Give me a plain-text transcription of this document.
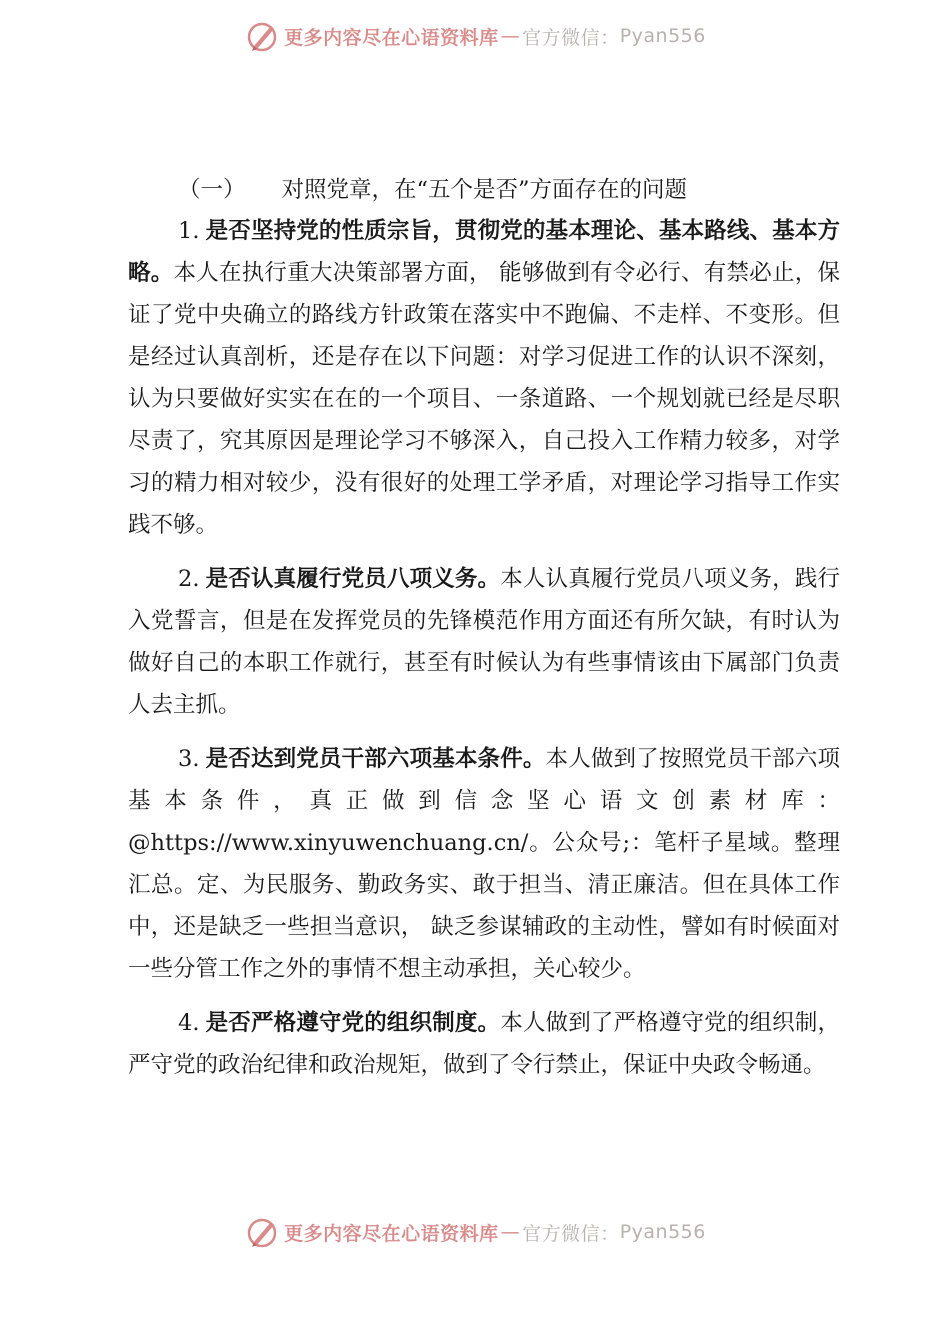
更多内容尽在心语资料库 — 官方微信： Pyan556
（一） 对照党章，在“五个是否”方面存在的问题

1. 是否坚持党的性质宗旨，贯彻党的基本理论、基本路线、基本方略。本人在执行重大决策部署方面， 能够做到有令必行、有禁必止，保证了党中央确立的路线方针政策在落实中不跑偏、不走样、不变形。但是经过认真剖析，还是存在以下问题：对学习促进工作的认识不深刻，认为只要做好实实在在的一个项目、一条道路、一个规划就已经是尽职尽责了，究其原因是理论学习不够深入，自己投入工作精力较多，对学习的精力相对较少，没有很好的处理工学矛盾，对理论学习指导工作实践不够。

2. 是否认真履行党员八项义务。本人认真履行党员八项义务，践行入党誓言，但是在发挥党员的先锋模范作用方面还有所欠缺，有时认为做好自己的本职工作就行，甚至有时候认为有些事情该由下属部门负责人去主抓。

3. 是否达到党员干部六项基本条件。本人做到了按照党员干部六项基本条件，真正做到信念坚心语文创素材库：@https://www.xinyuwenchuang.cn/。公众号;：笔杆子星域。整理汇总。定、为民服务、勤政务实、敢于担当、清正廉洁。但在具体工作中，还是缺乏一些担当意识， 缺乏参谋辅政的主动性，譬如有时候面对一些分管工作之外的事情不想主动承担，关心较少。

4. 是否严格遵守党的组织制度。本人做到了严格遵守党的组织制，严守党的政治纪律和政治规矩，做到了令行禁止，保证中央政令畅通。

更多内容尽在心语资料库 — 官方微信： Pyan556
